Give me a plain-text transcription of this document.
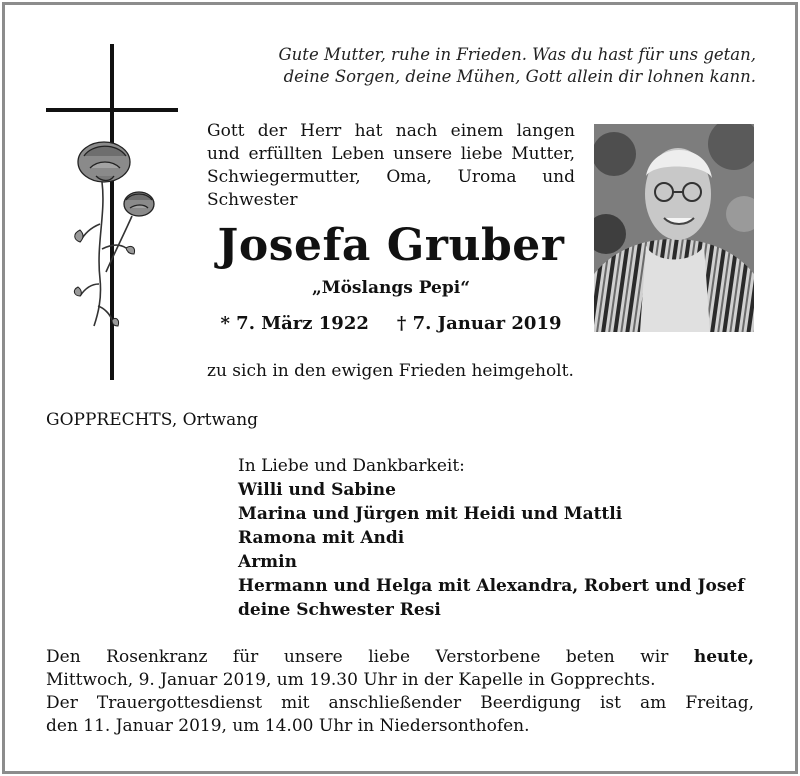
Gute Mutter, ruhe in Frieden. Was du hast für uns getan,
deine Sorgen, deine Mühen, Gott allein dir lohnen kann.
Gott der Herr hat nach einem langen
und erfüllten Leben unsere liebe Mutter,
Schwiegermutter, Oma, Uroma und
Schwester
Josefa Gruber
„Möslangs Pepi“
* 7. März 1922 † 7. Januar 2019
zu sich in den ewigen Frieden heimgeholt.
GOPPRECHTS, Ortwang
In Liebe und Dankbarkeit:
Willi und Sabine
Marina und Jürgen mit Heidi und Mattli
Ramona mit Andi
Armin
Hermann und Helga mit Alexandra, Robert und Josef
deine Schwester Resi
Den Rosenkranz für unsere liebe Verstorbene beten wir heute,
Mittwoch, 9. Januar 2019, um 19.30 Uhr in der Kapelle in Gopprechts.
Der Trauergottesdienst mit anschließender Beerdigung ist am Freitag,
den 11. Januar 2019, um 14.00 Uhr in Niedersonthofen.
